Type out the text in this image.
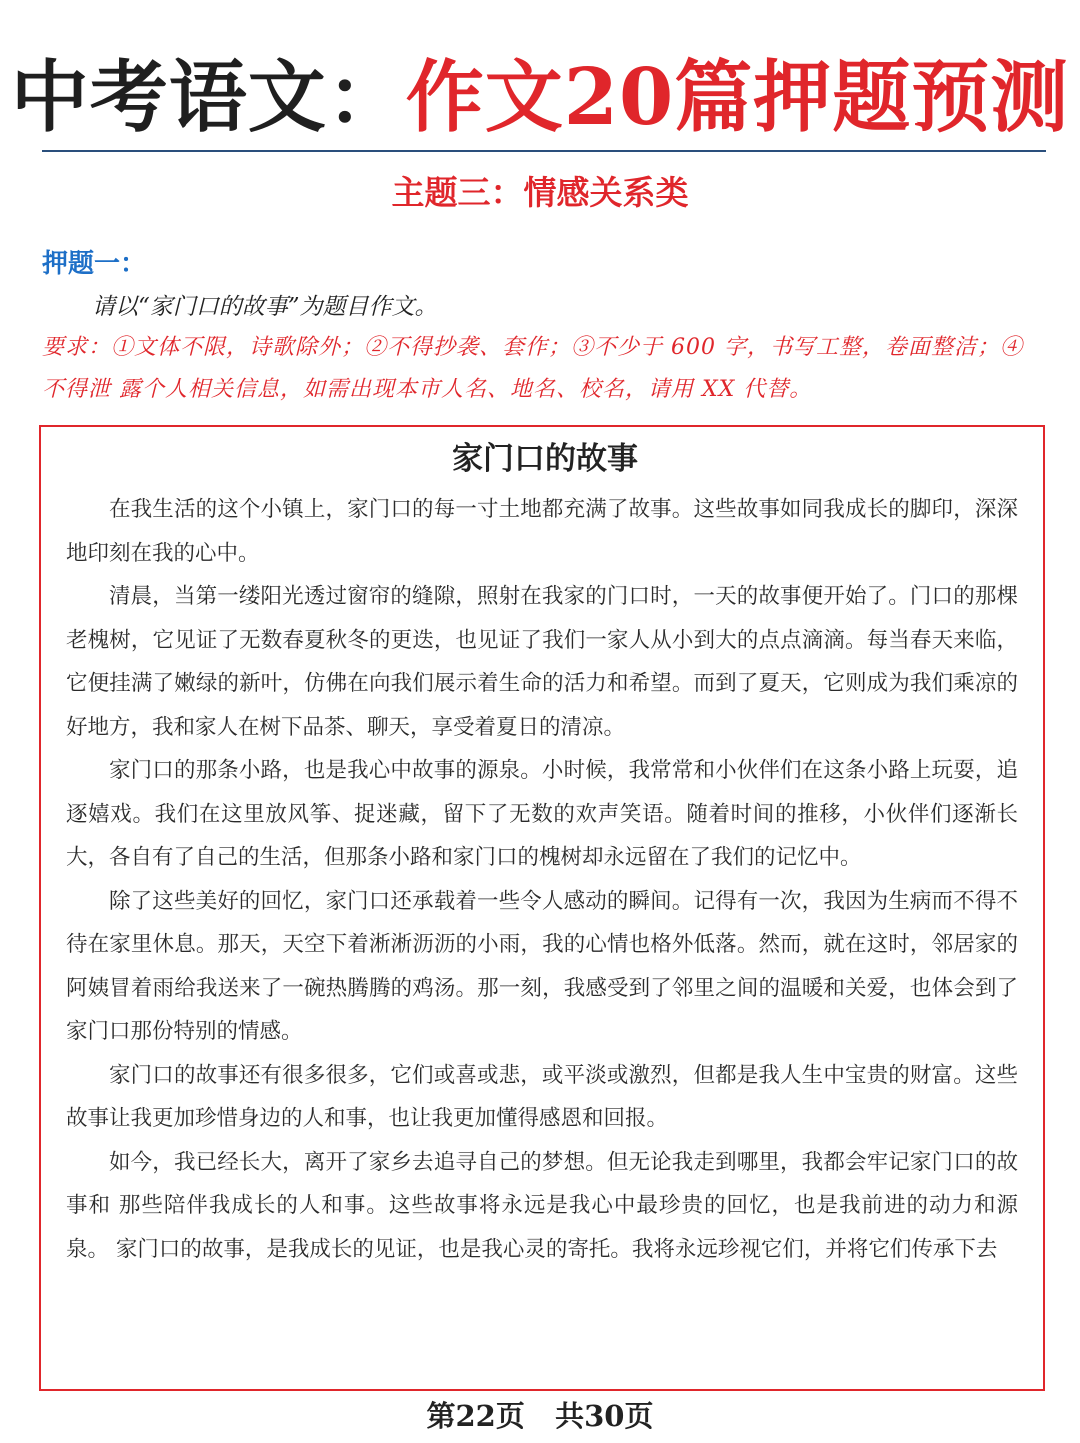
中考语文：作文20篇押题预测
主题三：情感关系类
押题一：
请以“家门口的故事”为题目作文。
要求：①文体不限，诗歌除外；②不得抄袭、套作；③不少于 600 字，书写工整，卷面整洁；④不得泄 露个人相关信息，如需出现本市人名、地名、校名，请用 XX 代替。
家门口的故事

在我生活的这个小镇上，家门口的每一寸土地都充满了故事。这些故事如同我成长的脚印，深深地印刻在我的心中。

清晨，当第一缕阳光透过窗帘的缝隙，照射在我家的门口时，一天的故事便开始了。门口的那棵老槐树，它见证了无数春夏秋冬的更迭，也见证了我们一家人从小到大的点点滴滴。每当春天来临，它便挂满了嫩绿的新叶，仿佛在向我们展示着生命的活力和希望。而到了夏天，它则成为我们乘凉的好地方，我和家人在树下品茶、聊天，享受着夏日的清凉。

家门口的那条小路，也是我心中故事的源泉。小时候，我常常和小伙伴们在这条小路上玩耍，追逐嬉戏。我们在这里放风筝、捉迷藏，留下了无数的欢声笑语。随着时间的推移，小伙伴们逐渐长大，各自有了自己的生活，但那条小路和家门口的槐树却永远留在了我们的记忆中。

除了这些美好的回忆，家门口还承载着一些令人感动的瞬间。记得有一次，我因为生病而不得不待在家里休息。那天，天空下着淅淅沥沥的小雨，我的心情也格外低落。然而，就在这时，邻居家的阿姨冒着雨给我送来了一碗热腾腾的鸡汤。那一刻，我感受到了邻里之间的温暖和关爱，也体会到了家门口那份特别的情感。

家门口的故事还有很多很多，它们或喜或悲，或平淡或激烈，但都是我人生中宝贵的财富。这些故事让我更加珍惜身边的人和事，也让我更加懂得感恩和回报。

如今，我已经长大，离开了家乡去追寻自己的梦想。但无论我走到哪里，我都会牢记家门口的故事和 那些陪伴我成长的人和事。这些故事将永远是我心中最珍贵的回忆，也是我前进的动力和源泉。 家门口的故事，是我成长的见证，也是我心灵的寄托。我将永远珍视它们，并将它们传承下去

第22页   共30页
